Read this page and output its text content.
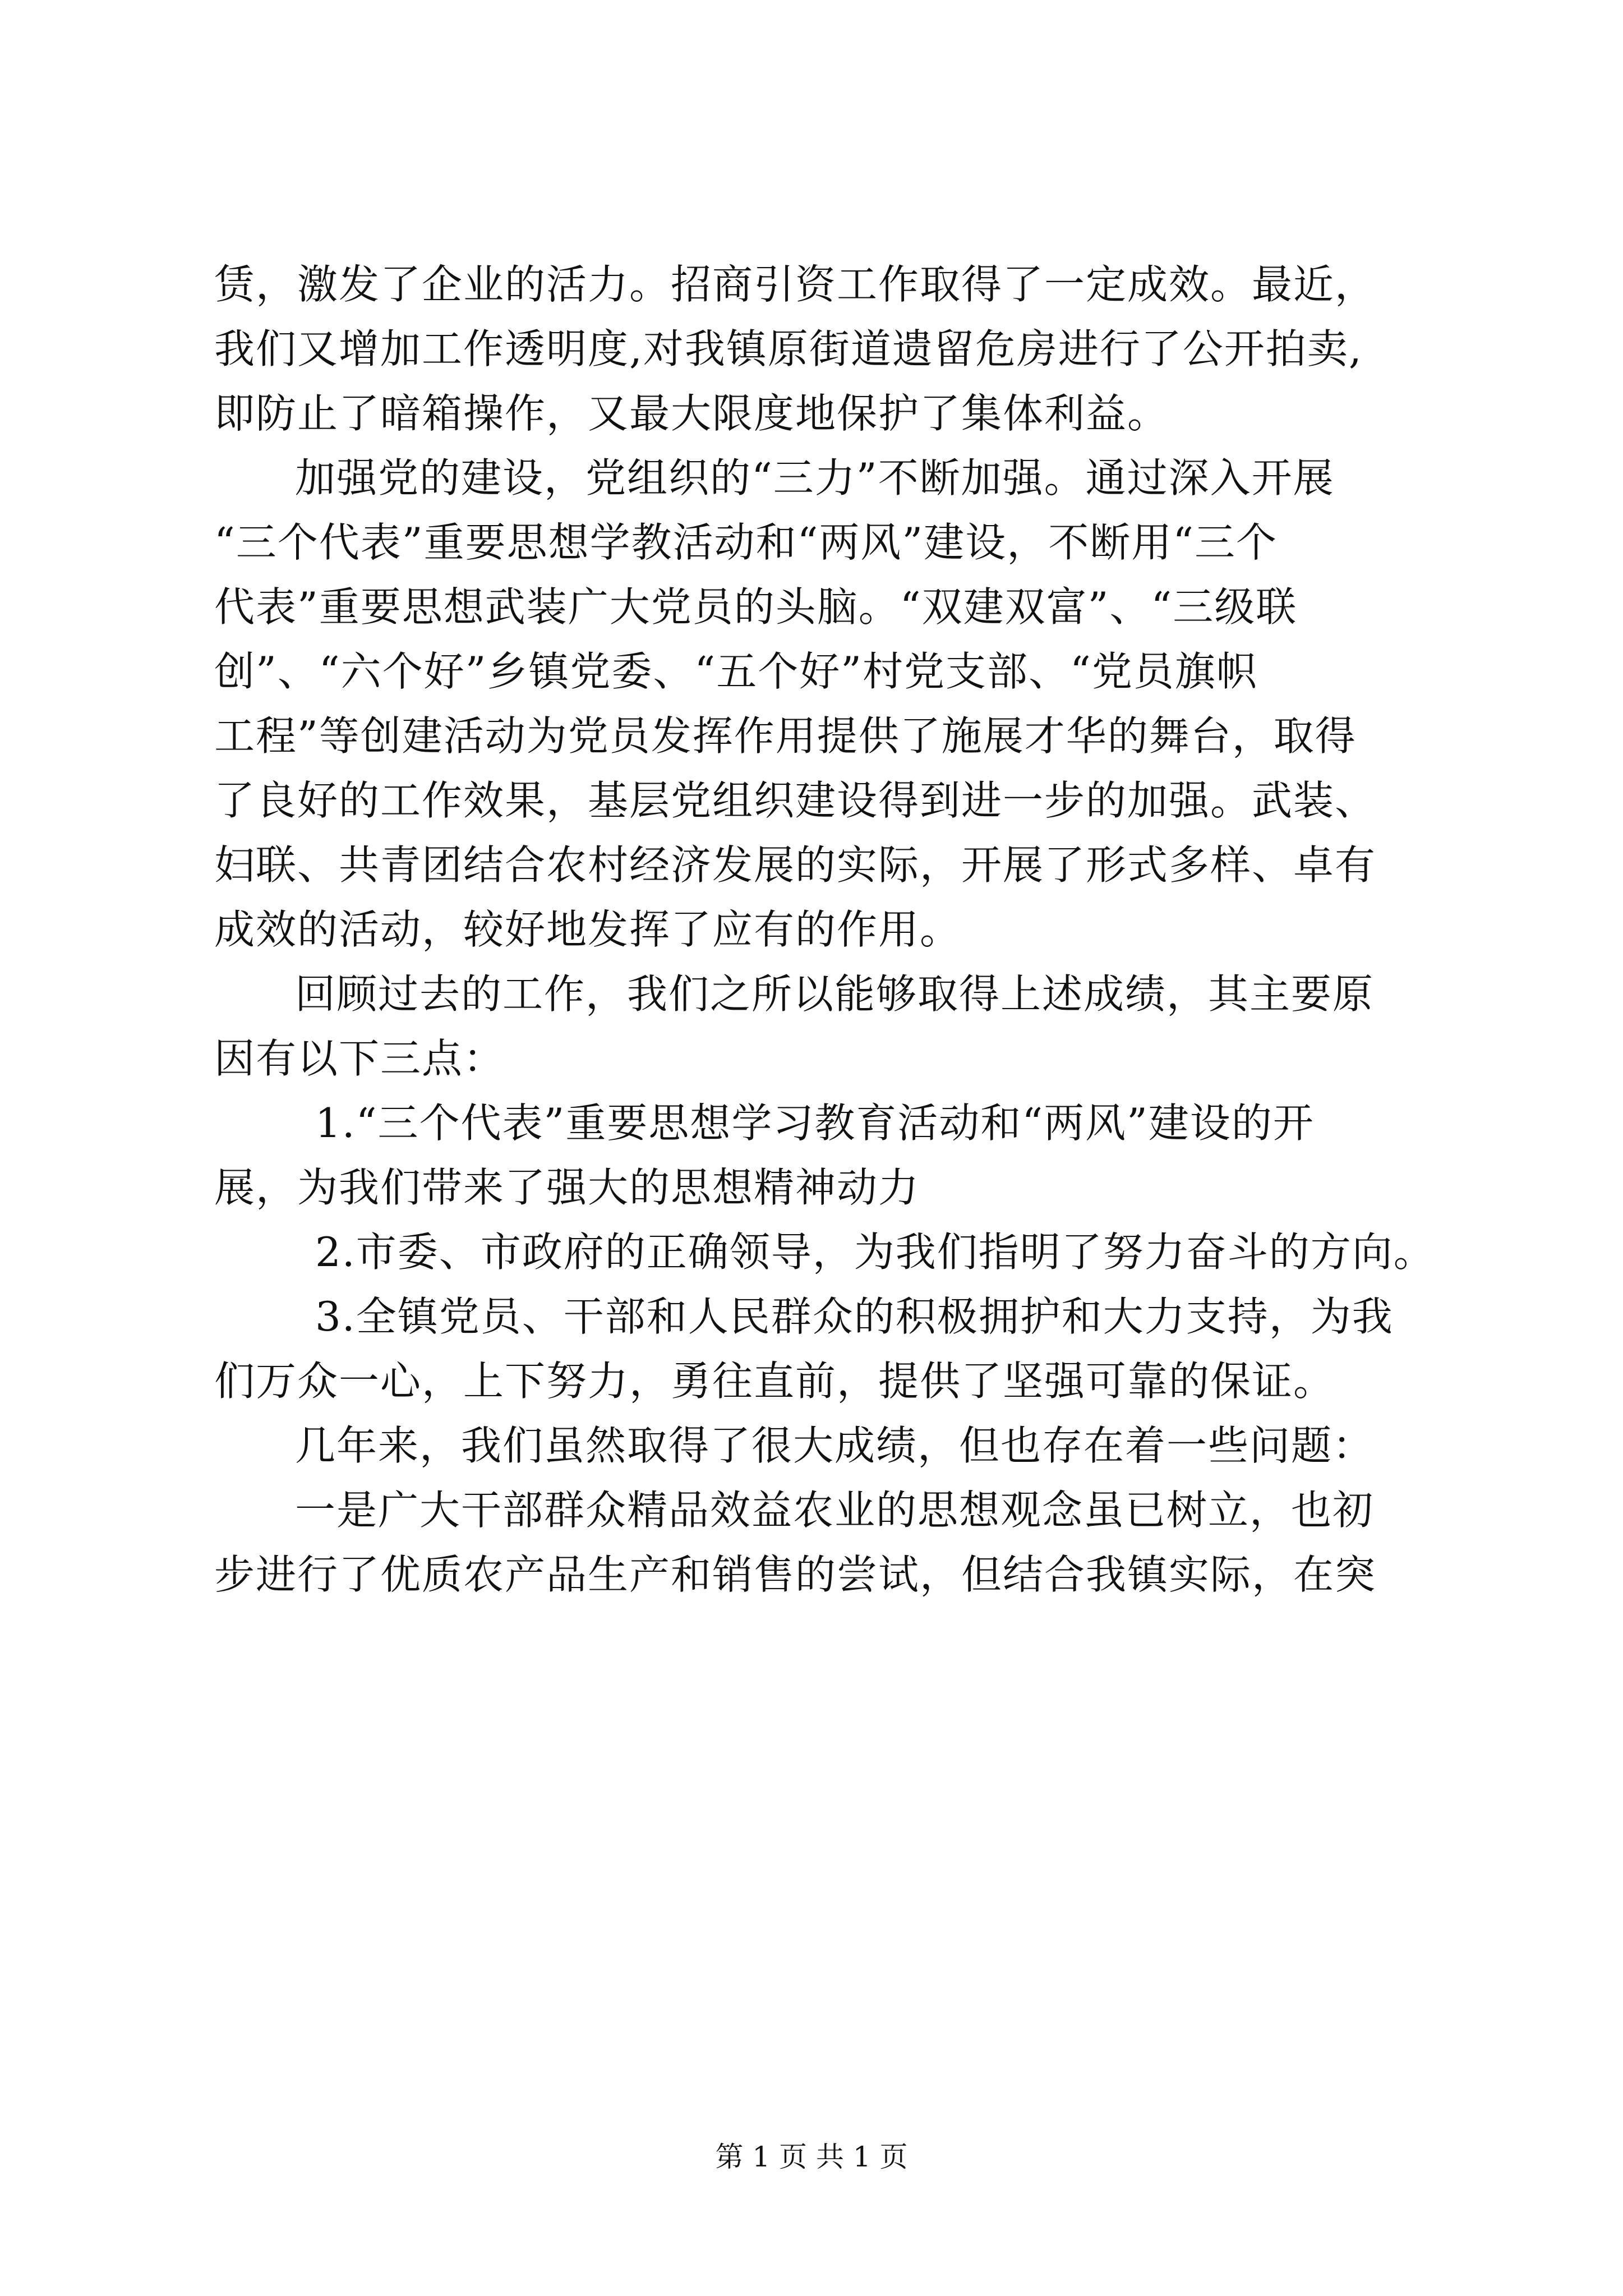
赁，激发了企业的活力。招商引资工作取得了一定成效。最近，
我们又增加工作透明度,对我镇原街道遗留危房进行了公开拍卖,
即防止了暗箱操作，又最大限度地保护了集体利益。
加强党的建设，党组织的“三力”不断加强。通过深入开展
“三个代表”重要思想学教活动和“两风”建设，不断用“三个
代表”重要思想武装广大党员的头脑。“双建双富”、“三级联
创”、“六个好”乡镇党委、“五个好”村党支部、“党员旗帜
工程”等创建活动为党员发挥作用提供了施展才华的舞台，取得
了良好的工作效果，基层党组织建设得到进一步的加强。武装、
妇联、共青团结合农村经济发展的实际，开展了形式多样、卓有
成效的活动，较好地发挥了应有的作用。
回顾过去的工作，我们之所以能够取得上述成绩，其主要原
因有以下三点：
1.“三个代表”重要思想学习教育活动和“两风”建设的开
展，为我们带来了强大的思想精神动力
2.市委、市政府的正确领导，为我们指明了努力奋斗的方向。
3.全镇党员、干部和人民群众的积极拥护和大力支持，为我
们万众一心，上下努力，勇往直前，提供了坚强可靠的保证。
几年来，我们虽然取得了很大成绩，但也存在着一些问题：
一是广大干部群众精品效益农业的思想观念虽已树立，也初
步进行了优质农产品生产和销售的尝试，但结合我镇实际，在突
第 1 页 共 1 页
